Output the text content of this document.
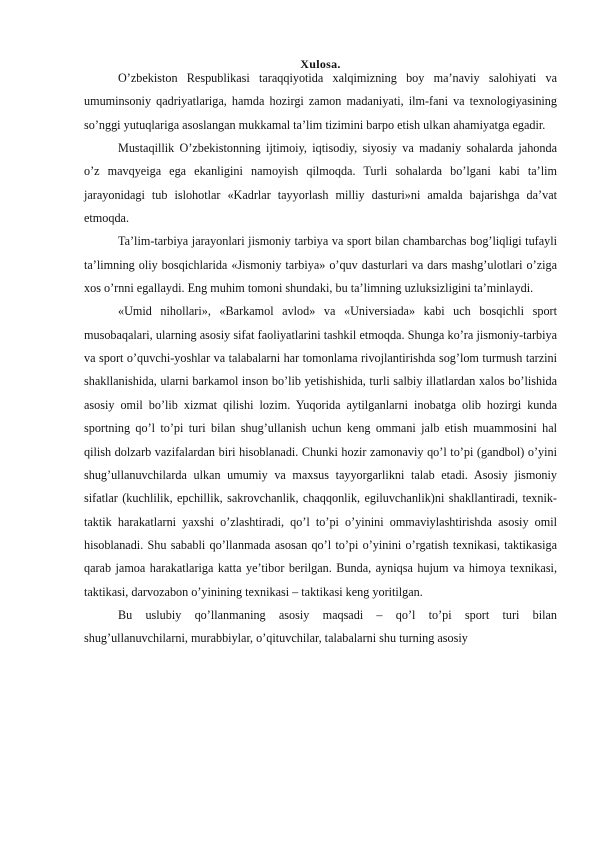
Xulosa.

O’zbekiston Respublikasi taraqqiyotida xalqimizning boy ma’naviy salohiyati va umuminsoniy qadriyatlariga, hamda hozirgi zamon madaniyati, ilm-fani va texnologiyasining so’nggi yutuqlariga asoslangan mukkamal ta’lim tizimini barpo etish ulkan ahamiyatga egadir.

Mustaqillik O’zbekistonning ijtimoiy, iqtisodiy, siyosiy va madaniy sohalarda jahonda o’z mavqyeiga ega ekanligini namoyish qilmoqda. Turli sohalarda bo’lgani kabi ta’lim jarayonidagi tub islohotlar «Kadrlar tayyorlash milliy dasturi»ni amalda bajarishga da’vat etmoqda.

Ta’lim-tarbiya jarayonlari jismoniy tarbiya va sport bilan chambarchas bog’liqligi tufayli ta’limning oliy bosqichlarida «Jismoniy tarbiya» o’quv dasturlari va dars mashg’ulotlari o’ziga xos o’rnni egallaydi. Eng muhim tomoni shundaki, bu ta’limning uzluksizligini ta’minlaydi.

«Umid nihollari», «Barkamol avlod» va «Universiada» kabi uch bosqichli sport musobaqalari, ularning asosiy sifat faoliyatlarini tashkil etmoqda. Shunga ko’ra jismoniy-tarbiya va sport o’quvchi-yoshlar va talabalarni har tomonlama rivojlantirishda sog’lom turmush tarzini shakllanishida, ularni barkamol inson bo’lib yetishishida, turli salbiy illatlardan xalos bo’lishida asosiy omil bo’lib xizmat qilishi lozim. Yuqorida aytilganlarni inobatga olib hozirgi kunda sportning qo’l to’pi turi bilan shug’ullanish uchun keng ommani jalb etish muammosini hal qilish dolzarb vazifalardan biri hisoblanadi. Chunki hozir zamonaviy qo’l to’pi (gandbol) o’yini shug’ullanuvchilarda ulkan umumiy va maxsus tayyorgarlikni talab etadi. Asosiy jismoniy sifatlar (kuchlilik, epchillik, sakrovchanlik, chaqqonlik, egiluvchanlik)ni shakllantiradi, texnik-taktik harakatlarni yaxshi o’zlashtiradi, qo’l to’pi o’yinini ommaviylashtirishda asosiy omil hisoblanadi. Shu sababli qo’llanmada asosan qo’l to’pi o’yinini o’rgatish texnikasi, taktikasiga qarab jamoa harakatlariga katta ye’tibor berilgan. Bunda, ayniqsa hujum va himoya texnikasi, taktikasi, darvozabon o’yinining texnikasi – taktikasi keng yoritilgan.

Bu uslubiy qo’llanmaning asosiy maqsadi – qo’l to’pi sport turi bilan shug’ullanuvchilarni, murabbiylar, o’qituvchilar, talabalarni shu turning asosiy
